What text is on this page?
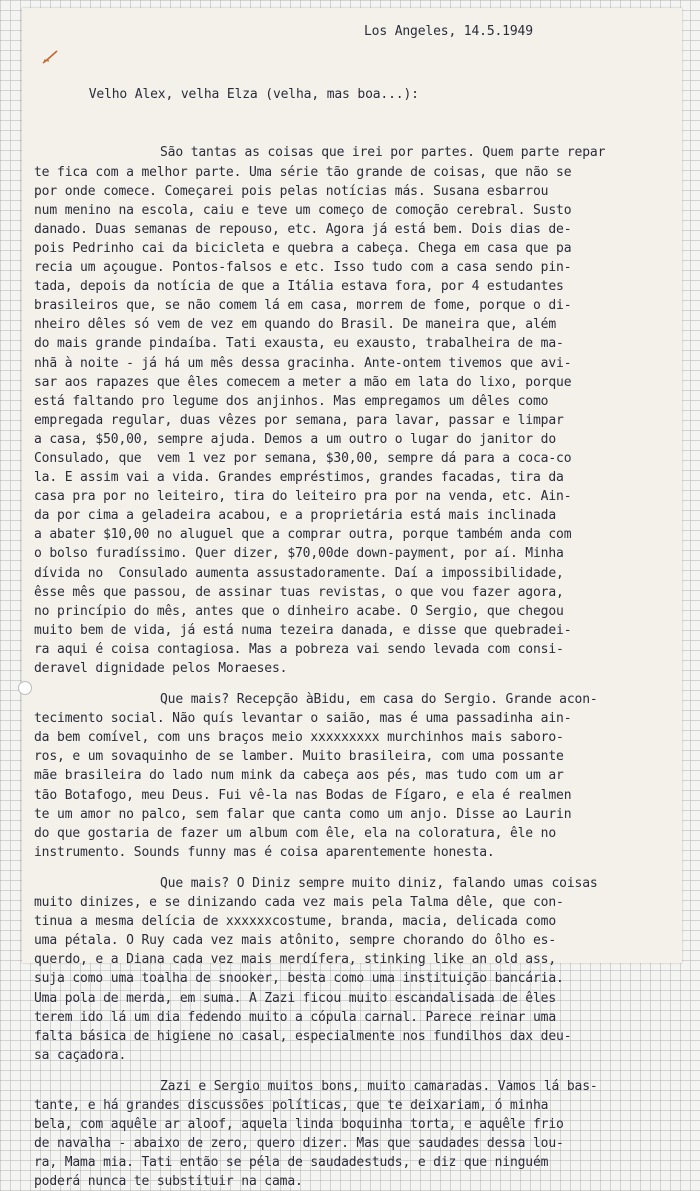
Los Angeles, 14.5.1949

Velho Alex, velha Elza (velha, mas boa...):

São tantas as coisas que irei por partes. Quem parte repar
te fica com a melhor parte. Uma série tão grande de coisas, que não se
por onde comece. Começarei pois pelas notícias más. Susana esbarrou
num menino na escola, caiu e teve um começo de comoção cerebral. Susto
danado. Duas semanas de repouso, etc. Agora já está bem. Dois dias de-
pois Pedrinho cai da bicicleta e quebra a cabeça. Chega em casa que pa
recia um açougue. Pontos-falsos e etc. Isso tudo com a casa sendo pin-
tada, depois da notícia de que a Itália estava fora, por 4 estudantes
brasileiros que, se não comem lá em casa, morrem de fome, porque o di-
nheiro dêles só vem de vez em quando do Brasil. De maneira que, além
do mais grande pindaíba. Tati exausta, eu exausto, trabalheira de ma-
nhã à noite - já há um mês dessa gracinha. Ante-ontem tivemos que avi-
sar aos rapazes que êles comecem a meter a mão em lata do lixo, porque
está faltando pro legume dos anjinhos. Mas empregamos um dêles como
empregada regular, duas vêzes por semana, para lavar, passar e limpar
a casa, $50,00, sempre ajuda. Demos a um outro o lugar do janitor do
Consulado, que  vem 1 vez por semana, $30,00, sempre dá para a coca-co
la. E assim vai a vida. Grandes empréstimos, grandes facadas, tira da
casa pra por no leiteiro, tira do leiteiro pra por na venda, etc. Ain-
da por cima a geladeira acabou, e a proprietária está mais inclinada
a abater $10,00 no aluguel que a comprar outra, porque também anda com
o bolso furadíssimo. Quer dizer, $70,00de down-payment, por aí. Minha
dívida no  Consulado aumenta assustadoramente. Daí a impossibilidade,
êsse mês que passou, de assinar tuas revistas, o que vou fazer agora,
no princípio do mês, antes que o dinheiro acabe. O Sergio, que chegou
muito bem de vida, já está numa tezeira danada, e disse que quebradei-
ra aqui é coisa contagiosa. Mas a pobreza vai sendo levada com consi-
deravel dignidade pelos Moraeses.
Que mais? Recepção àBidu, em casa do Sergio. Grande acon-
tecimento social. Não quís levantar o saião, mas é uma passadinha ain-
da bem comível, com uns braços meio xxxxxxxxx murchinhos mais saboro-
ros, e um sovaquinho de se lamber. Muito brasileira, com uma possante
mãe brasileira do lado num mink da cabeça aos pés, mas tudo com um ar
tão Botafogo, meu Deus. Fui vê-la nas Bodas de Fígaro, e ela é realmen
te um amor no palco, sem falar que canta como um anjo. Disse ao Laurin
do que gostaria de fazer um album com êle, ela na coloratura, êle no
instrumento. Sounds funny mas é coisa aparentemente honesta.
Que mais? O Diniz sempre muito diniz, falando umas coisas
muito dinizes, e se dinizando cada vez mais pela Talma dêle, que con-
tinua a mesma delícia de xxxxxxcostume, branda, macia, delicada como
uma pétala. O Ruy cada vez mais atônito, sempre chorando do ôlho es-
querdo, e a Diana cada vez mais merdífera, stinking like an old ass,
suja como uma toalha de snooker, besta como uma instituição bancária.
Uma pola de merda, em suma. A Zazi ficou muito escandalisada de êles
terem ido lá um dia fedendo muito a cópula carnal. Parece reinar uma
falta básica de higiene no casal, especialmente nos fundilhos dax deu-
sa caçadora.
Zazi e Sergio muitos bons, muito camaradas. Vamos lá bas-
tante, e há grandes discussões políticas, que te deixariam, ó minha
bela, com aquêle ar aloof, aquela linda boquinha torta, e aquêle frio
de navalha - abaixo de zero, quero dizer. Mas que saudades dessa lou-
ra, Mama mia. Tati então se péla de saudadestuds, e diz que ninguém
poderá nunca te substituir na cama.
